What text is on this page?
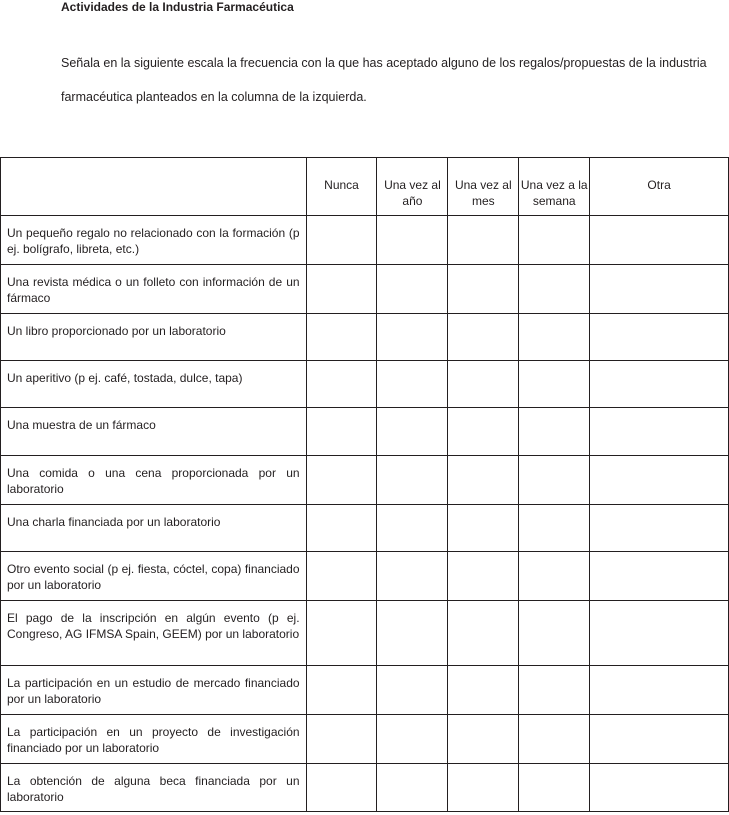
Actividades de la Industria Farmacéutica

Señala en la siguiente escala la frecuencia con la que has aceptado alguno de los regalos/propuestas de la industria

farmacéutica planteados en la columna de la izquierda.

	Nunca	Una vez al año	Una vez al mes	Una vez a la semana	Otra
Un pequeño regalo no relacionado con la formación (p ej. bolígrafo, libreta, etc.)					
Una revista médica o un folleto con información de un fármaco					
Un libro proporcionado por un laboratorio					
Un aperitivo (p ej. café, tostada, dulce, tapa)					
Una muestra de un fármaco					
Una comida o una cena proporcionada por un laboratorio					
Una charla financiada por un laboratorio					
Otro evento social (p ej. fiesta, cóctel, copa) financiado por un laboratorio					
El pago de la inscripción en algún evento (p ej. Congreso, AG IFMSA Spain, GEEM) por un laboratorio					
La participación en un estudio de mercado financiado por un laboratorio					
La participación en un proyecto de investigación financiado por un laboratorio					
La obtención de alguna beca financiada por un laboratorio					
